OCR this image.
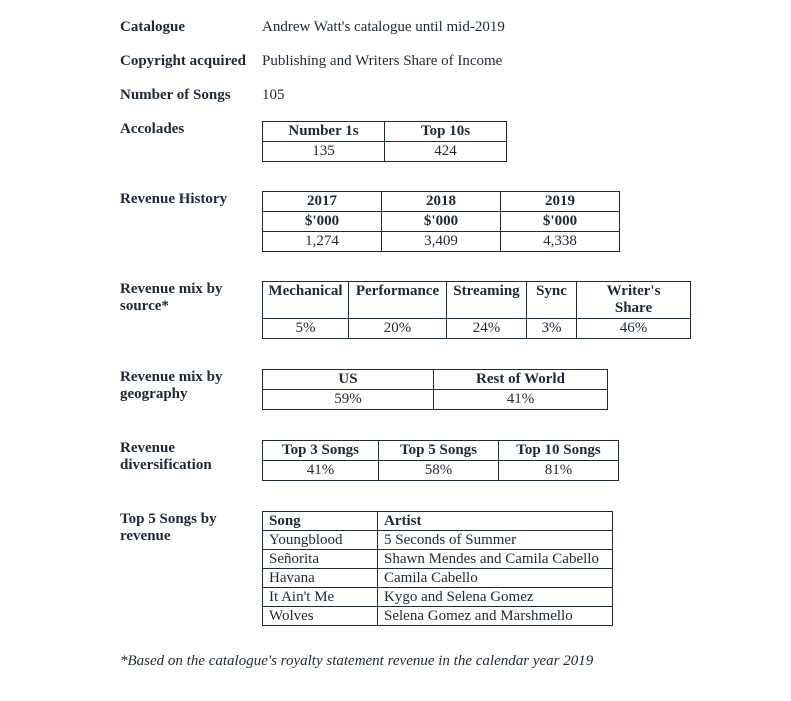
Catalogue	Andrew Watt's catalogue until mid-2019
Copyright acquired	Publishing and Writers Share of Income
Number of Songs	105
Accolades	Number 1s	Top 10s
135	424
Revenue History	2017	2018	2019
$'000	$'000	$'000
1,274	3,409	4,338
Revenue mix by source*
Mechanical	Performance	Streaming	Sync	Writer's Share
5%	20%	24%	3%	46%
Revenue mix by geography
US	Rest of World
59%	41%
Revenue diversification
Top 3 Songs	Top 5 Songs	Top 10 Songs
41%	58%	81%
Top 5 Songs by revenue
Song	Artist
Youngblood	5 Seconds of Summer
Señorita	Shawn Mendes and Camila Cabello
Havana	Camila Cabello
It Ain't Me	Kygo and Selena Gomez
Wolves	Selena Gomez and Marshmello
*Based on the catalogue's royalty statement revenue in the calendar year 2019
